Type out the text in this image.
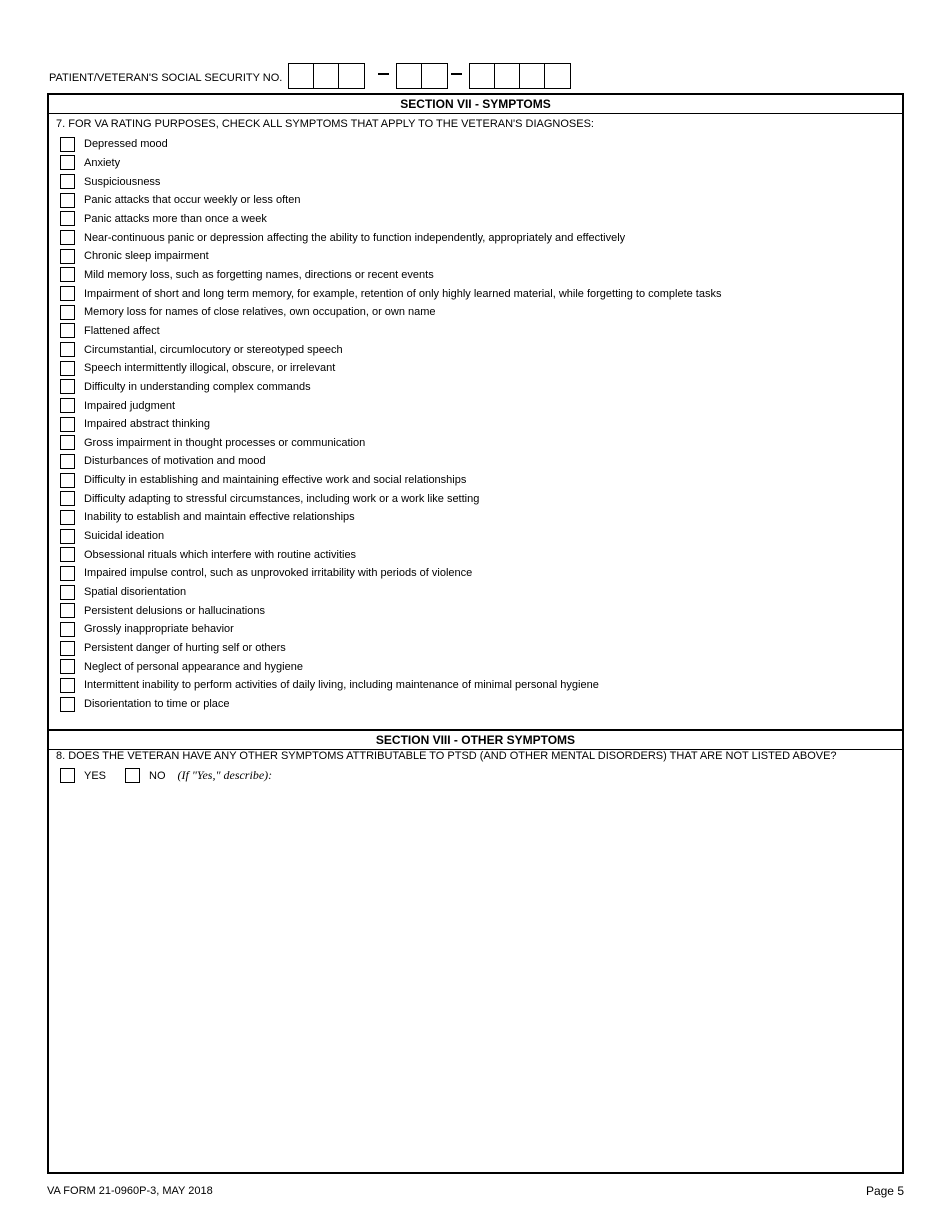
PATIENT/VETERAN'S SOCIAL SECURITY NO.
SECTION VII - SYMPTOMS
7. FOR VA RATING PURPOSES, CHECK ALL SYMPTOMS THAT APPLY TO THE VETERAN'S DIAGNOSES:
Depressed mood
Anxiety
Suspiciousness
Panic attacks that occur weekly or less often
Panic attacks more than once a week
Near-continuous panic or depression affecting the ability to function independently, appropriately and effectively
Chronic sleep impairment
Mild memory loss, such as forgetting names, directions or recent events
Impairment of short and long term memory, for example, retention of only highly learned material, while forgetting to complete tasks
Memory loss for names of close relatives, own occupation, or own name
Flattened affect
Circumstantial, circumlocutory or stereotyped speech
Speech intermittently illogical, obscure, or irrelevant
Difficulty in understanding complex commands
Impaired judgment
Impaired abstract thinking
Gross impairment in thought processes or communication
Disturbances of motivation and mood
Difficulty in establishing and maintaining effective work and social relationships
Difficulty adapting to stressful circumstances, including work or a work like setting
Inability to establish and maintain effective relationships
Suicidal ideation
Obsessional rituals which interfere with routine activities
Impaired impulse control, such as unprovoked irritability with periods of violence
Spatial disorientation
Persistent delusions or hallucinations
Grossly inappropriate behavior
Persistent danger of hurting self or others
Neglect of personal appearance and hygiene
Intermittent inability to perform activities of daily living, including maintenance of minimal personal hygiene
Disorientation to time or place
SECTION VIII - OTHER SYMPTOMS
8. DOES THE VETERAN HAVE ANY OTHER SYMPTOMS ATTRIBUTABLE TO PTSD (AND OTHER MENTAL DISORDERS) THAT ARE NOT LISTED ABOVE?
YES	NO (If "Yes," describe):
VA FORM 21-0960P-3, MAY 2018	Page 5
